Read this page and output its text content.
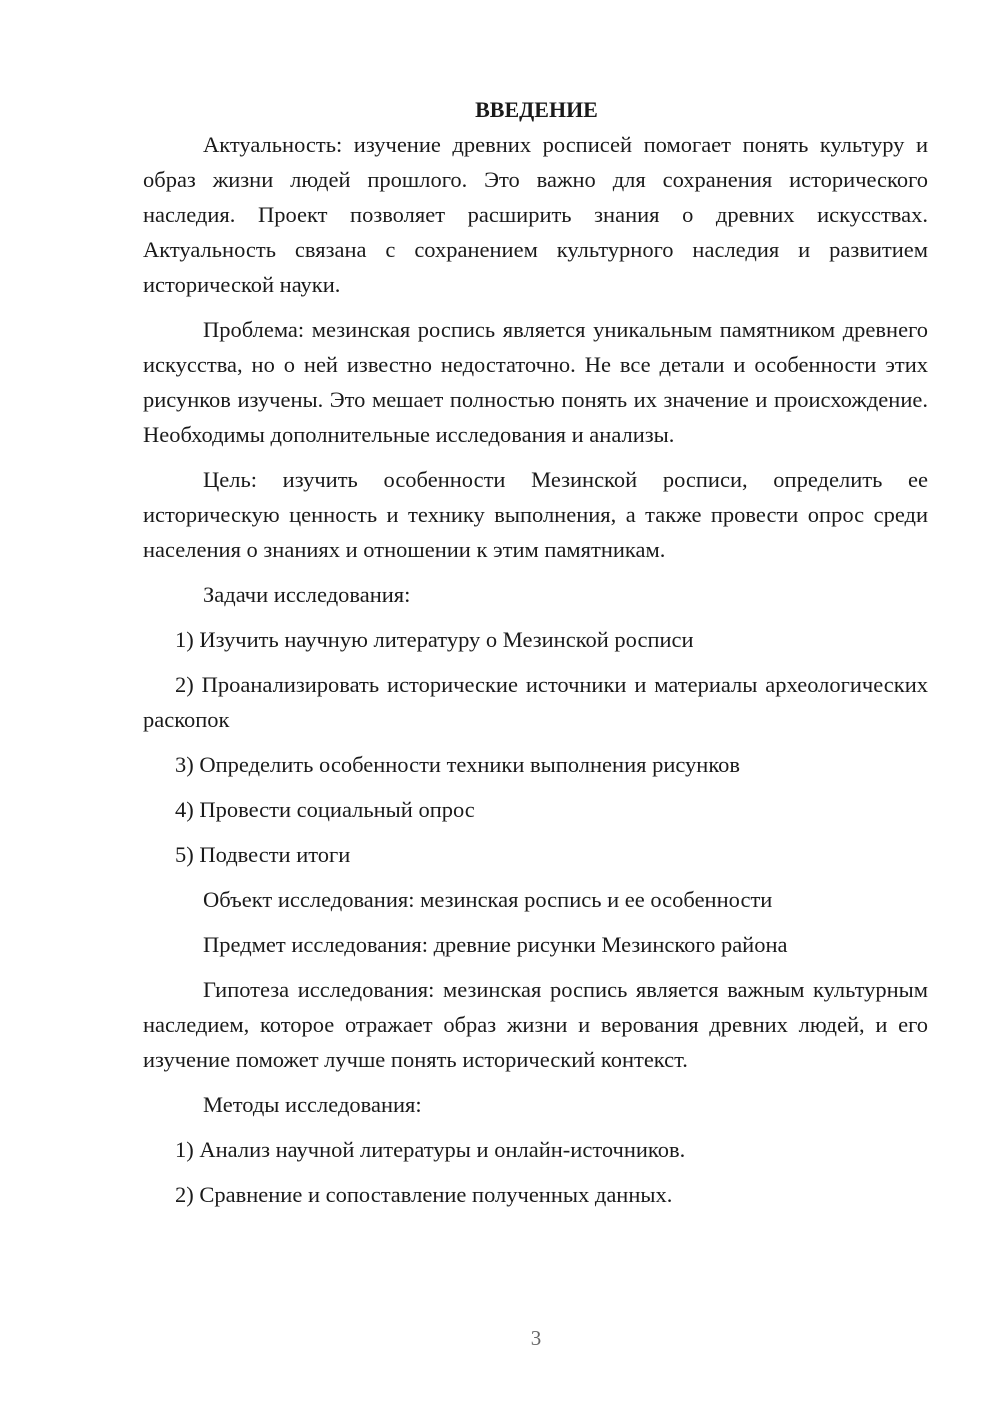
ВВЕДЕНИЕ

Актуальность: изучение древних росписей помогает понять культуру и образ жизни людей прошлого. Это важно для сохранения исторического наследия. Проект позволяет расширить знания о древних искусствах. Актуальность связана с сохранением культурного наследия и развитием исторической науки.

Проблема: мезинская роспись является уникальным памятником древнего искусства, но о ней известно недостаточно. Не все детали и особенности этих рисунков изучены. Это мешает полностью понять их значение и происхождение. Необходимы дополнительные исследования и анализы.

Цель: изучить особенности Мезинской росписи, определить ее историческую ценность и технику выполнения, а также провести опрос среди населения о знаниях и отношении к этим памятникам.

Задачи исследования:

1) Изучить научную литературу о Мезинской росписи

2) Проанализировать исторические источники и материалы археологических раскопок

3) Определить особенности техники выполнения рисунков

4) Провести социальный опрос

5) Подвести итоги

Объект исследования: мезинская роспись и ее особенности

Предмет исследования: древние рисунки Мезинского района

Гипотеза исследования: мезинская роспись является важным культурным наследием, которое отражает образ жизни и верования древних людей, и его изучение поможет лучше понять исторический контекст.

Методы исследования:

1) Анализ научной литературы и онлайн-источников.

2) Сравнение и сопоставление полученных данных.

3
